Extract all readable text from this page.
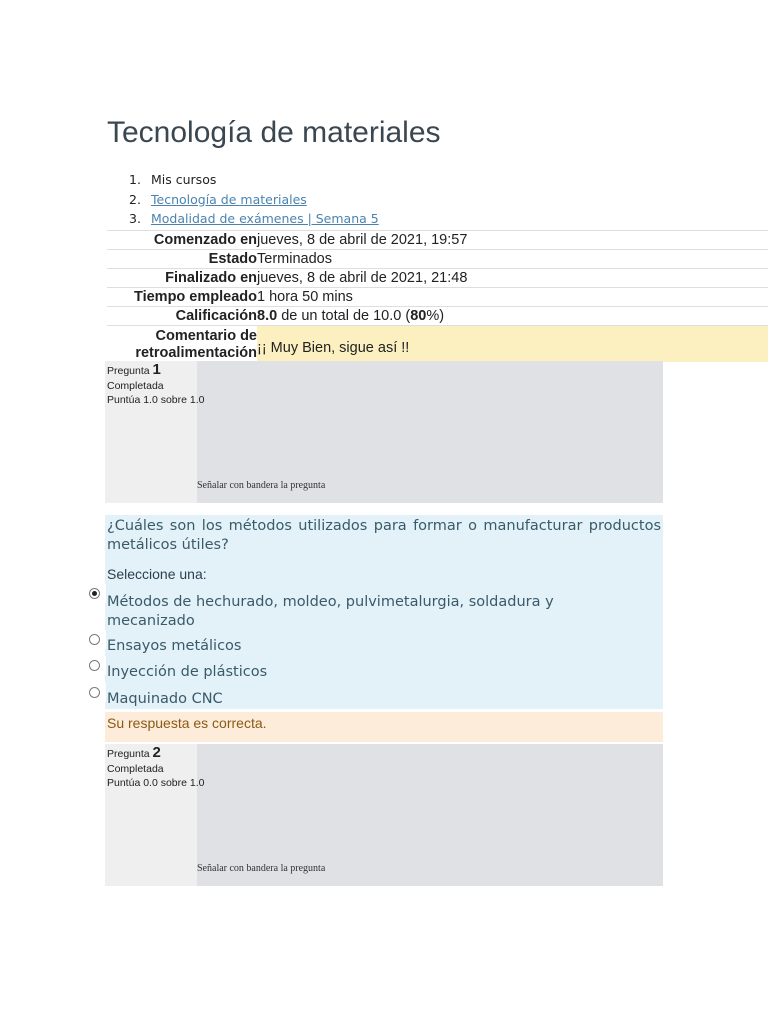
Tecnología de materiales
1. Mis cursos
2. Tecnología de materiales
3. Modalidad de exámenes | Semana 5
Comenzado en	jueves, 8 de abril de 2021, 19:57
Estado	Terminados
Finalizado en	jueves, 8 de abril de 2021, 21:48
Tiempo empleado	1 hora 50 mins
Calificación	8.0 de un total de 10.0 (80%)
Comentario de
retroalimentación	¡¡ Muy Bien, sigue así !!
Pregunta 1
Completada
Puntúa 1.0 sobre 1.0
Señalar con bandera la pregunta

¿Cuáles son los métodos utilizados para formar o manufacturar productos metálicos útiles?

Seleccione una:
Métodos de hechurado, moldeo, pulvimetalurgia, soldadura y mecanizado
Ensayos metálicos
Inyección de plásticos
Maquinado CNC
Su respuesta es correcta.
Pregunta 2
Completada
Puntúa 0.0 sobre 1.0
Señalar con bandera la pregunta
